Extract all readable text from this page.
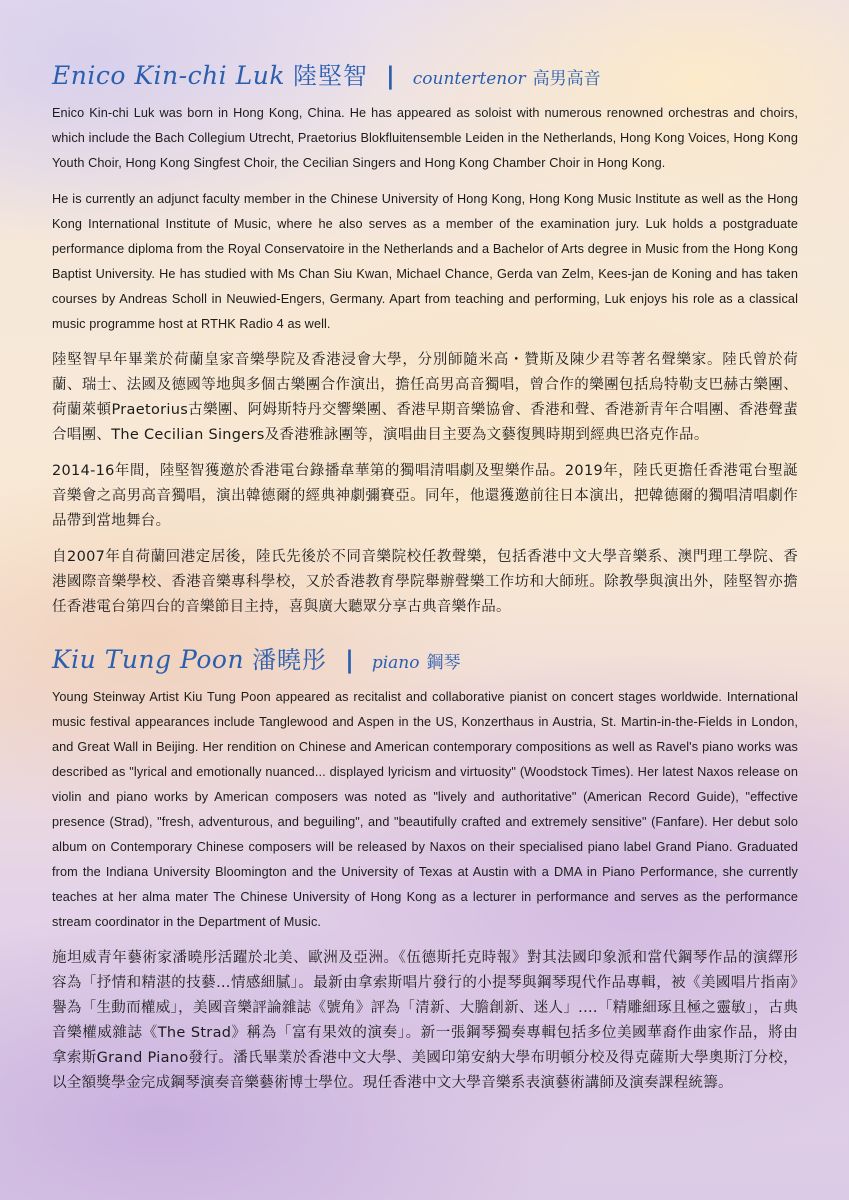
Enico Kin-chi Luk 陸堅智 | countertenor 高男高音

Enico Kin-chi Luk was born in Hong Kong, China. He has appeared as soloist with numerous renowned orchestras and choirs, which include the Bach Collegium Utrecht, Praetorius Blokfluitensemble Leiden in the Netherlands, Hong Kong Voices, Hong Kong Youth Choir, Hong Kong Singfest Choir, the Cecilian Singers and Hong Kong Chamber Choir in Hong Kong.

He is currently an adjunct faculty member in the Chinese University of Hong Kong, Hong Kong Music Institute as well as the Hong Kong International Institute of Music, where he also serves as a member of the examination jury. Luk holds a postgraduate performance diploma from the Royal Conservatoire in the Netherlands and a Bachelor of Arts degree in Music from the Hong Kong Baptist University. He has studied with Ms Chan Siu Kwan, Michael Chance, Gerda van Zelm, Kees-jan de Koning and has taken courses by Andreas Scholl in Neuwied-Engers, Germany. Apart from teaching and performing, Luk enjoys his role as a classical music programme host at RTHK Radio 4 as well.

陸堅智早年畢業於荷蘭皇家音樂學院及香港浸會大學，分別師隨米高・贊斯及陳少君等著名聲樂家。陸氏曾於荷蘭、瑞士、法國及德國等地與多個古樂團合作演出，擔任高男高音獨唱，曾合作的樂團包括烏特勒支巴赫古樂團、荷蘭萊頓Praetorius古樂團、阿姆斯特丹交響樂團、香港早期音樂協會、香港和聲、香港新青年合唱團、香港聲蜚合唱團、The Cecilian Singers及香港雅詠團等，演唱曲目主要為文藝復興時期到經典巴洛克作品。

2014-16年間，陸堅智獲邀於香港電台錄播韋華第的獨唱清唱劇及聖樂作品。2019年，陸氏更擔任香港電台聖誕音樂會之高男高音獨唱，演出韓德爾的經典神劇彌賽亞。同年，他還獲邀前往日本演出，把韓德爾的獨唱清唱劇作品帶到當地舞台。

自2007年自荷蘭回港定居後，陸氏先後於不同音樂院校任教聲樂，包括香港中文大學音樂系、澳門理工學院、香港國際音樂學校、香港音樂專科學校，又於香港教育學院舉辦聲樂工作坊和大師班。除教學與演出外，陸堅智亦擔任香港電台第四台的音樂節目主持，喜與廣大聽眾分享古典音樂作品。

Kiu Tung Poon 潘曉彤 | piano 鋼琴

Young Steinway Artist Kiu Tung Poon appeared as recitalist and collaborative pianist on concert stages worldwide. International music festival appearances include Tanglewood and Aspen in the US, Konzerthaus in Austria, St. Martin-in-the-Fields in London, and Great Wall in Beijing. Her rendition on Chinese and American contemporary compositions as well as Ravel's piano works was described as "lyrical and emotionally nuanced... displayed lyricism and virtuosity" (Woodstock Times). Her latest Naxos release on violin and piano works by American composers was noted as "lively and authoritative" (American Record Guide), "effective presence (Strad), "fresh, adventurous, and beguiling", and "beautifully crafted and extremely sensitive" (Fanfare). Her debut solo album on Contemporary Chinese composers will be released by Naxos on their specialised piano label Grand Piano. Graduated from the Indiana University Bloomington and the University of Texas at Austin with a DMA in Piano Performance, she currently teaches at her alma mater The Chinese University of Hong Kong as a lecturer in performance and serves as the performance stream coordinator in the Department of Music.

施坦威青年藝術家潘曉彤活躍於北美、歐洲及亞洲。《伍德斯托克時報》對其法國印象派和當代鋼琴作品的演繹形容為「抒情和精湛的技藝…情感細膩」。最新由拿索斯唱片發行的小提琴與鋼琴現代作品專輯，被《美國唱片指南》譽為「生動而權威」，美國音樂評論雜誌《號角》評為「清新、大膽創新、迷人」....「精雕細琢且極之靈敏」，古典音樂權威雜誌《The Strad》稱為「富有果效的演奏」。新一張鋼琴獨奏專輯包括多位美國華裔作曲家作品，將由拿索斯Grand Piano發行。潘氏畢業於香港中文大學、美國印第安納大學布明頓分校及得克薩斯大學奧斯汀分校，以全額獎學金完成鋼琴演奏音樂藝術博士學位。現任香港中文大學音樂系表演藝術講師及演奏課程統籌。
